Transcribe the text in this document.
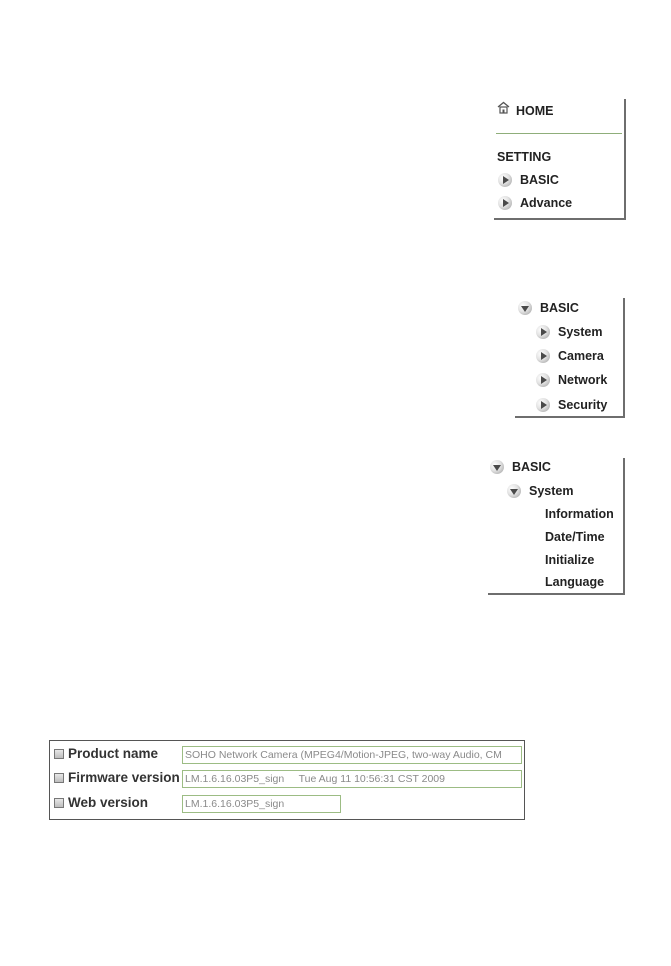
HOME
SETTING
BASIC
Advance
BASIC
System
Camera
Network
Security
BASIC
System
Information
Date/Time
Initialize
Language
Product name	SOHO Network Camera (MPEG4/Motion-JPEG, two-way Audio, CM
Firmware version LM.1.6.16.03P5_sign     Tue Aug 11 10:56:31 CST 2009
Web version	LM.1.6.16.03P5_sign
